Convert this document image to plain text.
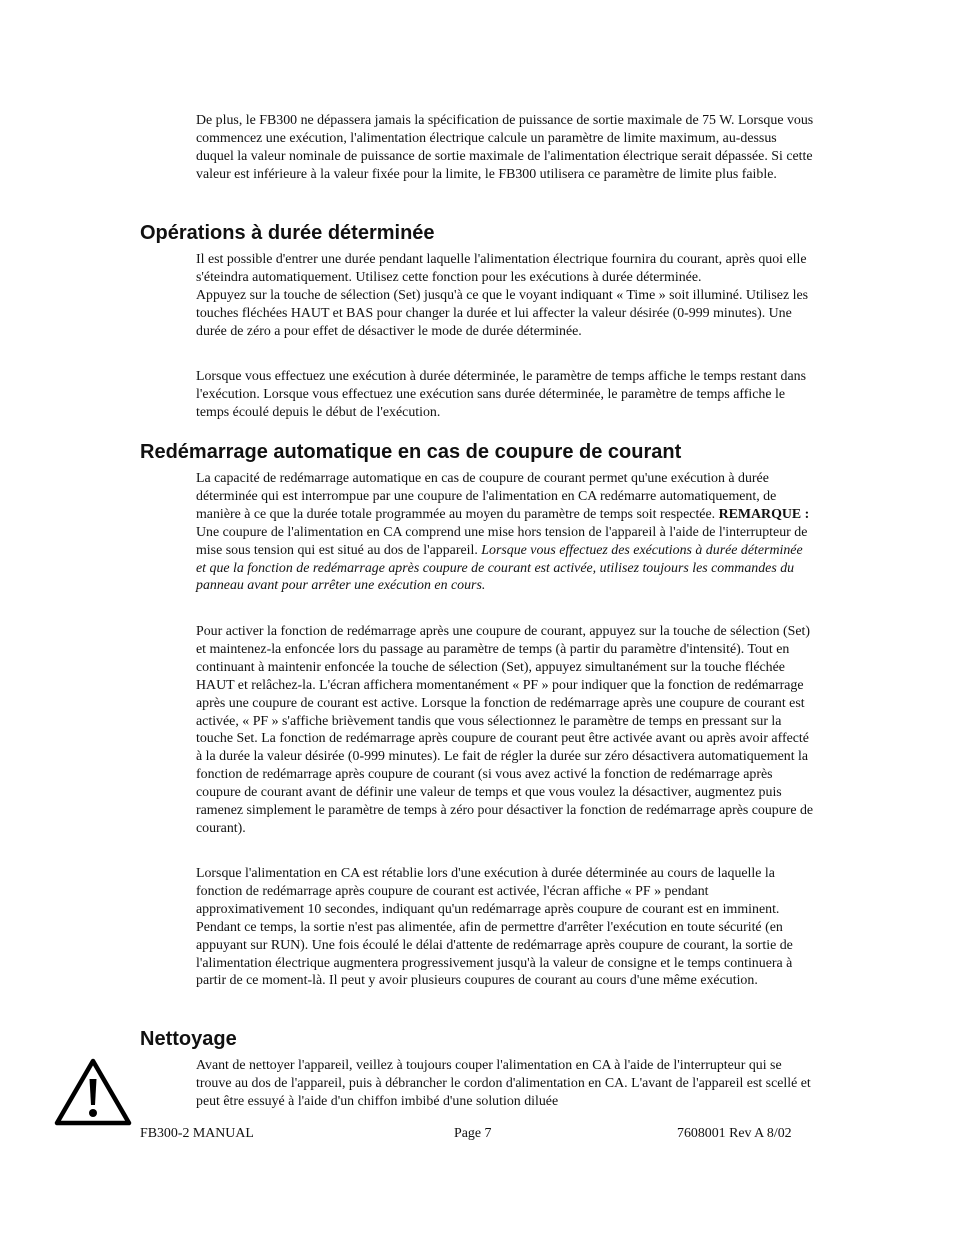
De plus, le FB300 ne dépassera jamais la spécification de puissance de sortie maximale de 75 W. Lorsque vous commencez une exécution, l'alimentation électrique calcule un paramètre de limite maximum, au-dessus duquel la valeur nominale de puissance de sortie maximale de l'alimentation électrique serait dépassée. Si cette valeur est inférieure à la valeur fixée pour la limite, le FB300 utilisera ce paramètre de limite plus faible.

Opérations à durée déterminée
Il est possible d'entrer une durée pendant laquelle l'alimentation électrique fournira du courant, après quoi elle s'éteindra automatiquement. Utilisez cette fonction pour les exécutions à durée déterminée.
Appuyez sur la touche de sélection (Set) jusqu'à ce que le voyant indiquant « Time » soit illuminé. Utilisez les touches fléchées HAUT et BAS pour changer la durée et lui affecter la valeur désirée (0-999 minutes). Une durée de zéro a pour effet de désactiver le mode de durée déterminée.

Lorsque vous effectuez une exécution à durée déterminée, le paramètre de temps affiche le temps restant dans l'exécution. Lorsque vous effectuez une exécution sans durée déterminée, le paramètre de temps affiche le temps écoulé depuis le début de l'exécution.

Redémarrage automatique en cas de coupure de courant

La capacité de redémarrage automatique en cas de coupure de courant permet qu'une exécution à durée déterminée qui est interrompue par une coupure de l'alimentation en CA redémarre automatiquement, de manière à ce que la durée totale programmée au moyen du paramètre de temps soit respectée. REMARQUE : Une coupure de l'alimentation en CA comprend une mise hors tension de l'appareil à l'aide de l'interrupteur de mise sous tension qui est situé au dos de l'appareil. Lorsque vous effectuez des exécutions à durée déterminée et que la fonction de redémarrage après coupure de courant est activée, utilisez toujours les commandes du panneau avant pour arrêter une exécution en cours.

Pour activer la fonction de redémarrage après une coupure de courant, appuyez sur la touche de sélection (Set) et maintenez-la enfoncée lors du passage au paramètre de temps (à partir du paramètre d'intensité). Tout en continuant à maintenir enfoncée la touche de sélection (Set), appuyez simultanément sur la touche fléchée HAUT et relâchez-la. L'écran affichera momentanément « PF » pour indiquer que la fonction de redémarrage après une coupure de courant est active. Lorsque la fonction de redémarrage après une coupure de courant est activée, « PF » s'affiche brièvement tandis que vous sélectionnez le paramètre de temps en pressant sur la touche Set. La fonction de redémarrage après coupure de courant peut être activée avant ou après avoir affecté à la durée la valeur désirée (0-999 minutes). Le fait de régler la durée sur zéro désactivera automatiquement la fonction de redémarrage après coupure de courant (si vous avez activé la fonction de redémarrage après coupure de courant avant de définir une valeur de temps et que vous voulez la désactiver, augmentez puis ramenez simplement le paramètre de temps à zéro pour désactiver la fonction de redémarrage après coupure de courant).

Lorsque l'alimentation en CA est rétablie lors d'une exécution à durée déterminée au cours de laquelle la fonction de redémarrage après coupure de courant est activée, l'écran affiche « PF » pendant approximativement 10 secondes, indiquant qu'un redémarrage après coupure de courant est en imminent. Pendant ce temps, la sortie n'est pas alimentée, afin de permettre d'arrêter l'exécution en toute sécurité (en appuyant sur RUN). Une fois écoulé le délai d'attente de redémarrage après coupure de courant, la sortie de l'alimentation électrique augmentera progressivement jusqu'à la valeur de consigne et le temps continuera à partir de ce moment-là. Il peut y avoir plusieurs coupures de courant au cours d'une même exécution.

Nettoyage

Avant de nettoyer l'appareil, veillez à toujours couper l'alimentation en CA à l'aide de l'interrupteur qui se trouve au dos de l'appareil, puis à débrancher le cordon d'alimentation en CA. L'avant de l'appareil est scellé et peut être essuyé à l'aide d'un chiffon imbibé d'une solution diluée

FB300-2 MANUAL	Page 7	7608001 Rev A 8/02
